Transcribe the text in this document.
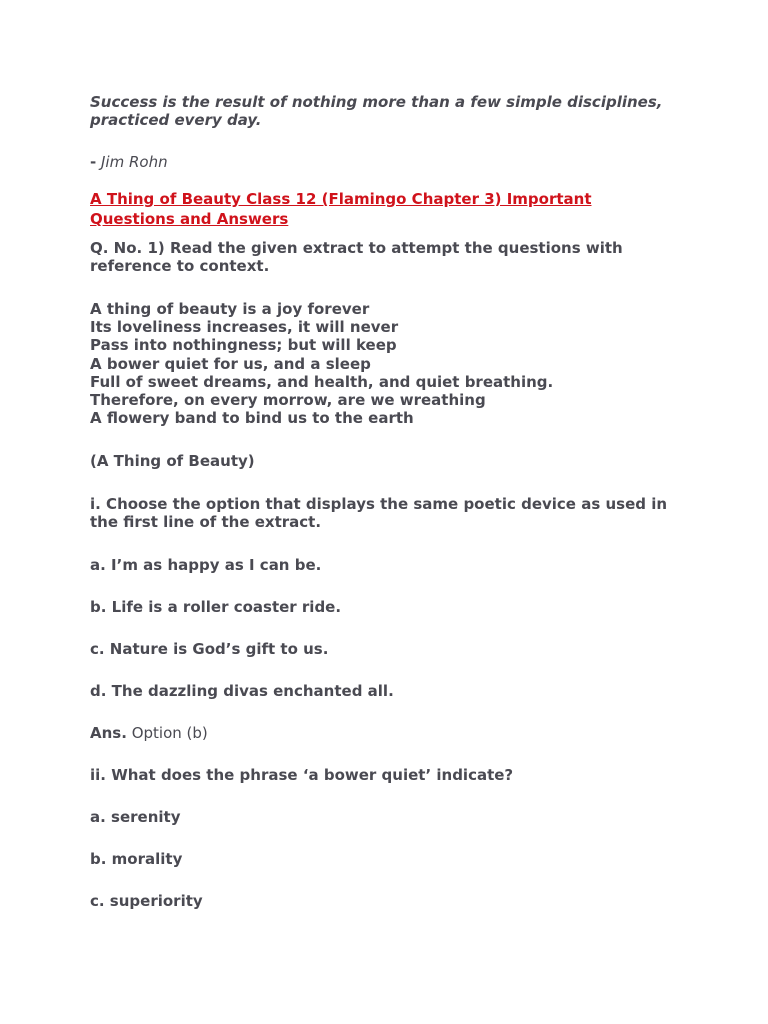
Success is the result of nothing more than a few simple disciplines, practiced every day.

- Jim Rohn

A Thing of Beauty Class 12 (Flamingo Chapter 3) Important
Questions and Answers

Q. No. 1) Read the given extract to attempt the questions with reference to context.

A thing of beauty is a joy forever
Its loveliness increases, it will never
Pass into nothingness; but will keep
A bower quiet for us, and a sleep
Full of sweet dreams, and health, and quiet breathing.
Therefore, on every morrow, are we wreathing
A flowery band to bind us to the earth

(A Thing of Beauty)

i. Choose the option that displays the same poetic device as used in the first line of the extract.

a. I’m as happy as I can be.

b. Life is a roller coaster ride.

c. Nature is God’s gift to us.

d. The dazzling divas enchanted all.

Ans. Option (b)

ii. What does the phrase ‘a bower quiet’ indicate?

a. serenity

b. morality

c. superiority
